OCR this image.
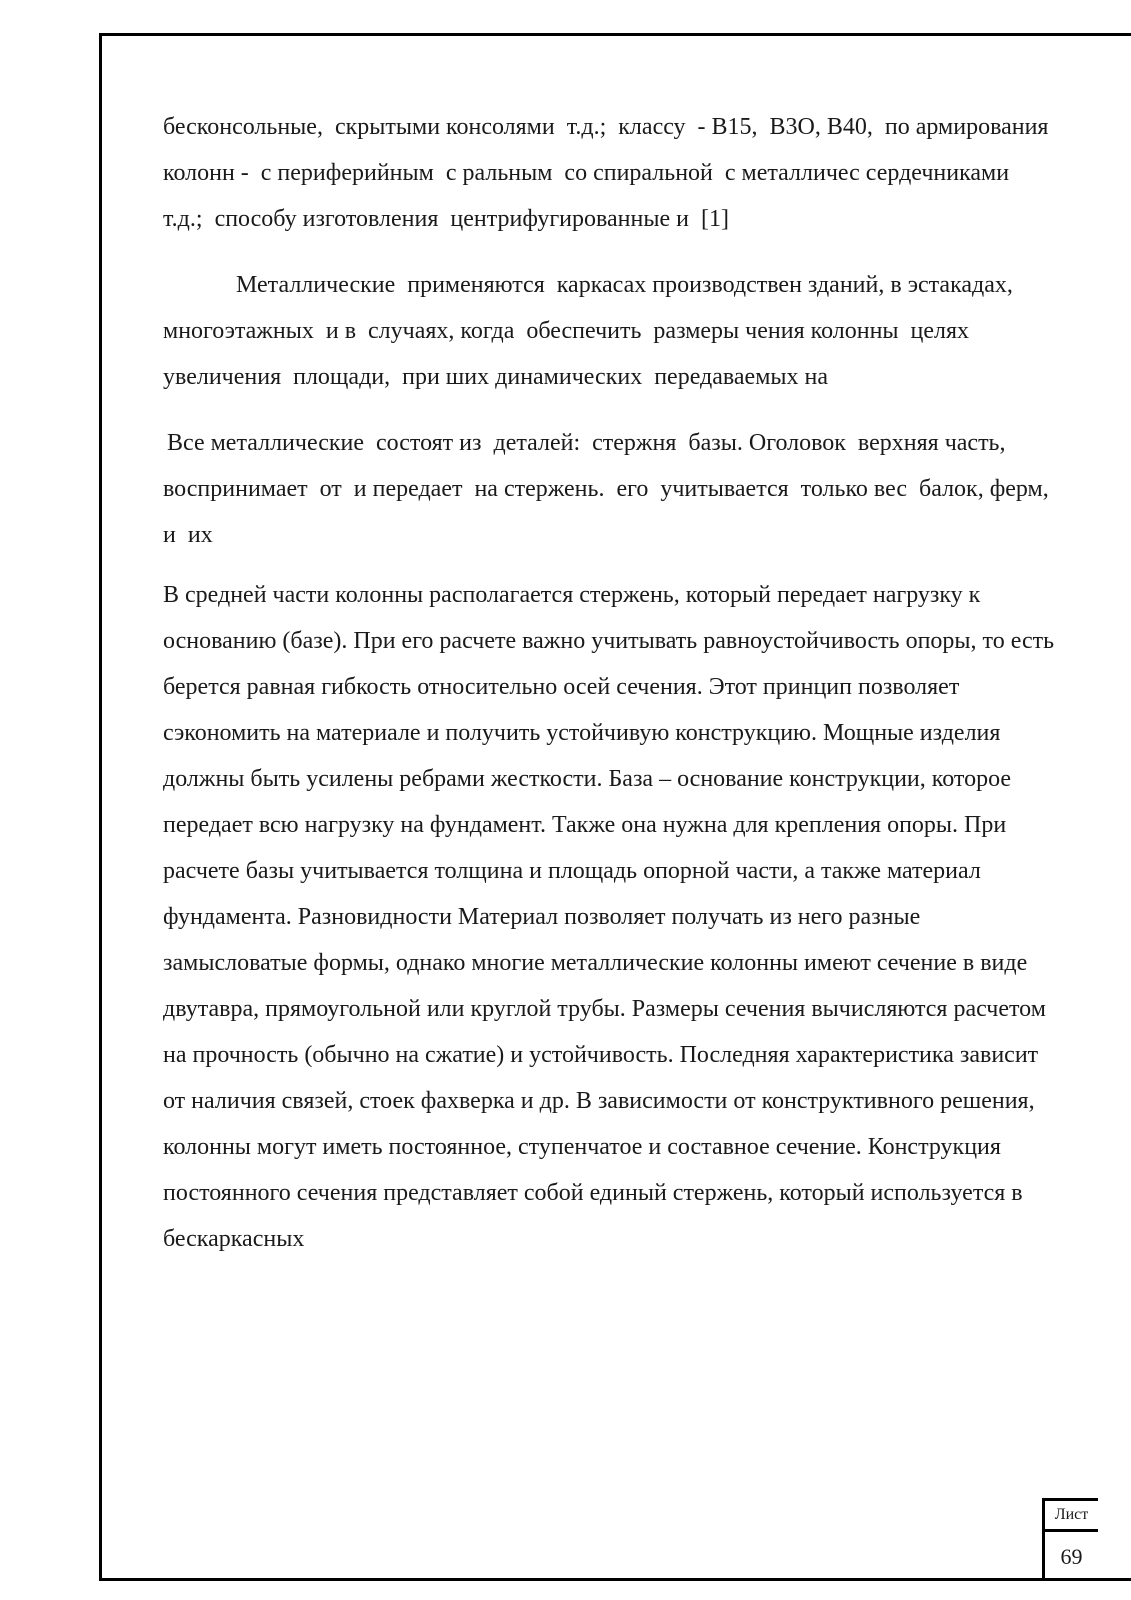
бесконсольные,  скрытыми консолями  т.д.;  классу  - В15,  В3О, В40,  по армирования  колонн -  с периферийным  с ральным  со спиральной  с металличес сердечниками  т.д.;  способу изготовления  центрифугированные и  [1]

Металлические  применяются  каркасах производствен зданий, в эстакадах,  многоэтажных  и в  случаях, когда  обеспечить  размеры чения колонны  целях увеличения  площади,  при ших динамических  передаваемых на

Все металлические  состоят из  деталей:  стержня  базы. Оголовок  верхняя часть,  воспринимает  от  и передает  на стержень.  его  учитывается  только вес  балок, ферм,  и  их

В средней части колонны располагается стержень, который передает нагрузку к основанию (базе). При его расчете важно учитывать равноустойчивость опоры, то есть берется равная гибкость относительно осей сечения. Этот принцип позволяет сэкономить на материале и получить устойчивую конструкцию. Мощные изделия должны быть усилены ребрами жесткости. База – основание конструкции, которое передает всю нагрузку на фундамент. Также она нужна для крепления опоры. При расчете базы учитывается толщина и площадь опорной части, а также материал фундамента. Разновидности Материал позволяет получать из него разные замысловатые формы, однако многие металлические колонны имеют сечение в виде двутавра, прямоугольной или круглой трубы. Размеры сечения вычисляются расчетом на прочность (обычно на сжатие) и устойчивость. Последняя характеристика зависит от наличия связей, стоек фахверка и др. В зависимости от конструктивного решения, колонны могут иметь постоянное, ступенчатое и составное сечение. Конструкция постоянного сечения представляет собой единый стержень, который используется в бескаркасных

Лист
69
